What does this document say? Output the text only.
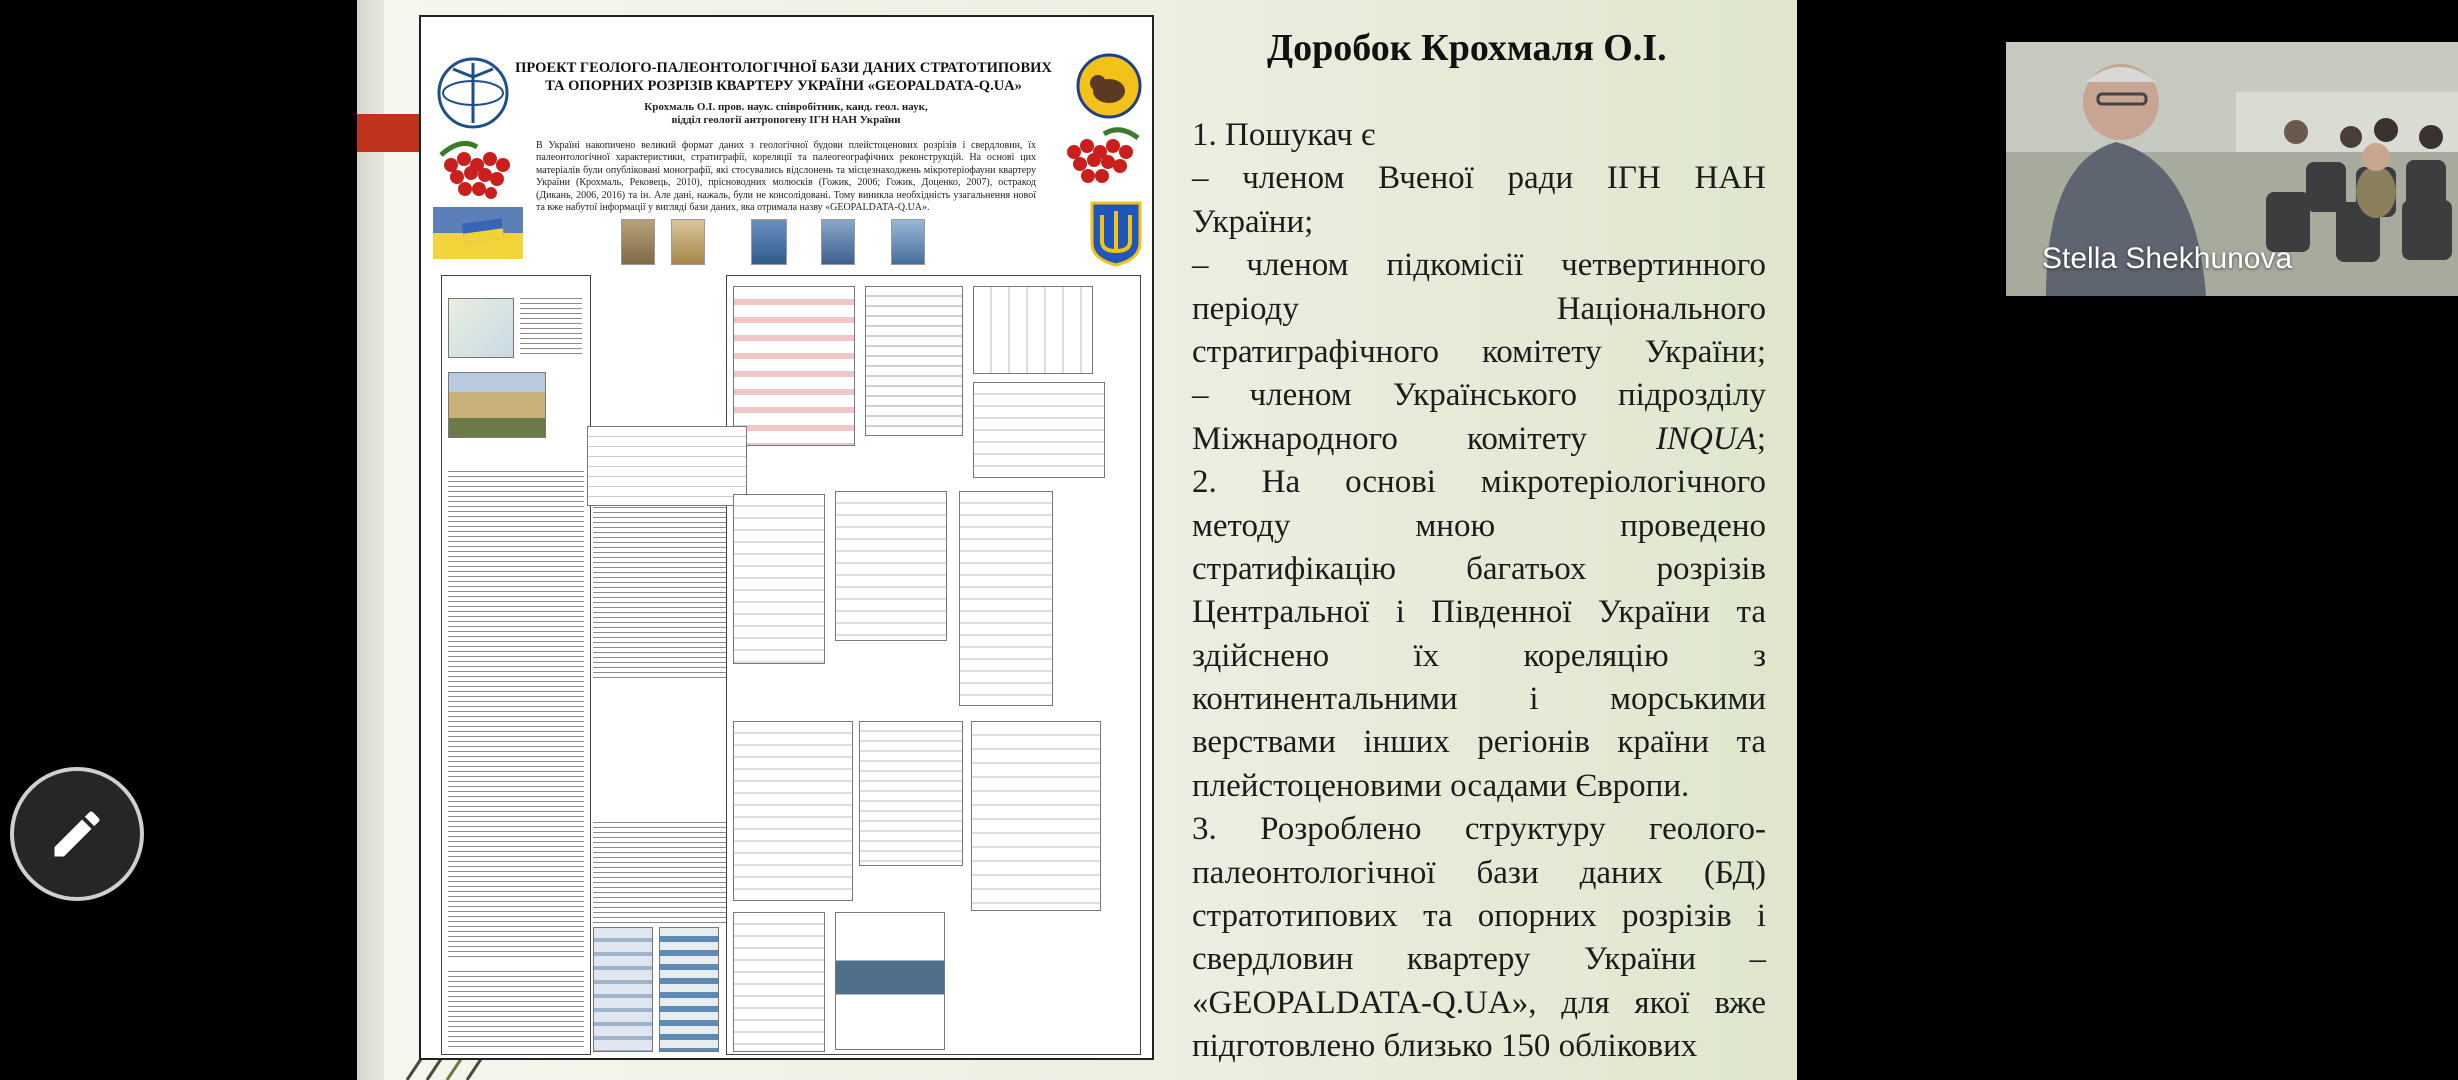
ПРОЕКТ ГЕОЛОГО-ПАЛЕОНТОЛОГІЧНОЇ БАЗИ ДАНИХ СТРАТОТИПОВИХ
ТА ОПОРНИХ РОЗРІЗІВ КВАРТЕРУ УКРАЇНИ «GEOPALDATA-Q.UA»
Крохмаль О.І. пров. наук. співробітник, канд. геол. наук,
відділ геології антропогену ІГН НАН України
В Україні накопичено великий формат даних з геологічної будови плейстоценових розрізів і свердловин, їх палеонтологічної характеристики, стратиграфії, кореляції та палеогеографічних реконструкцій. На основі цих матеріалів були опубліковані монографії, які стосувались відслонень та місцезнаходжень мікротеріофауни квартеру України (Крохмаль, Рековець, 2010), прісноводних молюсків (Гожик, 2006; Гожик, Доценко, 2007), остракод (Дикань, 2006, 2016) та ін. Але дані, нажаль, були не консолідовані. Тому виникла необхідність узагальнення нової та вже набутої інформації у вигляді бази даних, яка отримала назву «GEOPALDATA-Q.UA».
Доробок Крохмаля О.І.
1. Пошукач є
– членом Вченої ради ІГН НАН
України;
– членом підкомісії четвертинного
періоду Національного
стратиграфічного комітету України;
– членом Українського підрозділу
Міжнародного комітету INQUA;
2. На основі мікротеріологічного
методу мною проведено
стратифікацію багатьох розрізів
Центральної і Південної України та
здійснено їх кореляцію з
континентальними і морськими
верствами інших регіонів країни та
плейстоценовими осадами Європи.
3. Розроблено структуру геолого-
палеонтологічної бази даних (БД)
стратотипових та опорних розрізів і
свердловин квартеру України –
«GEOPALDATA-Q.UA», для якої вже
підготовлено близько 150 облікових
Stella Shekhunova
